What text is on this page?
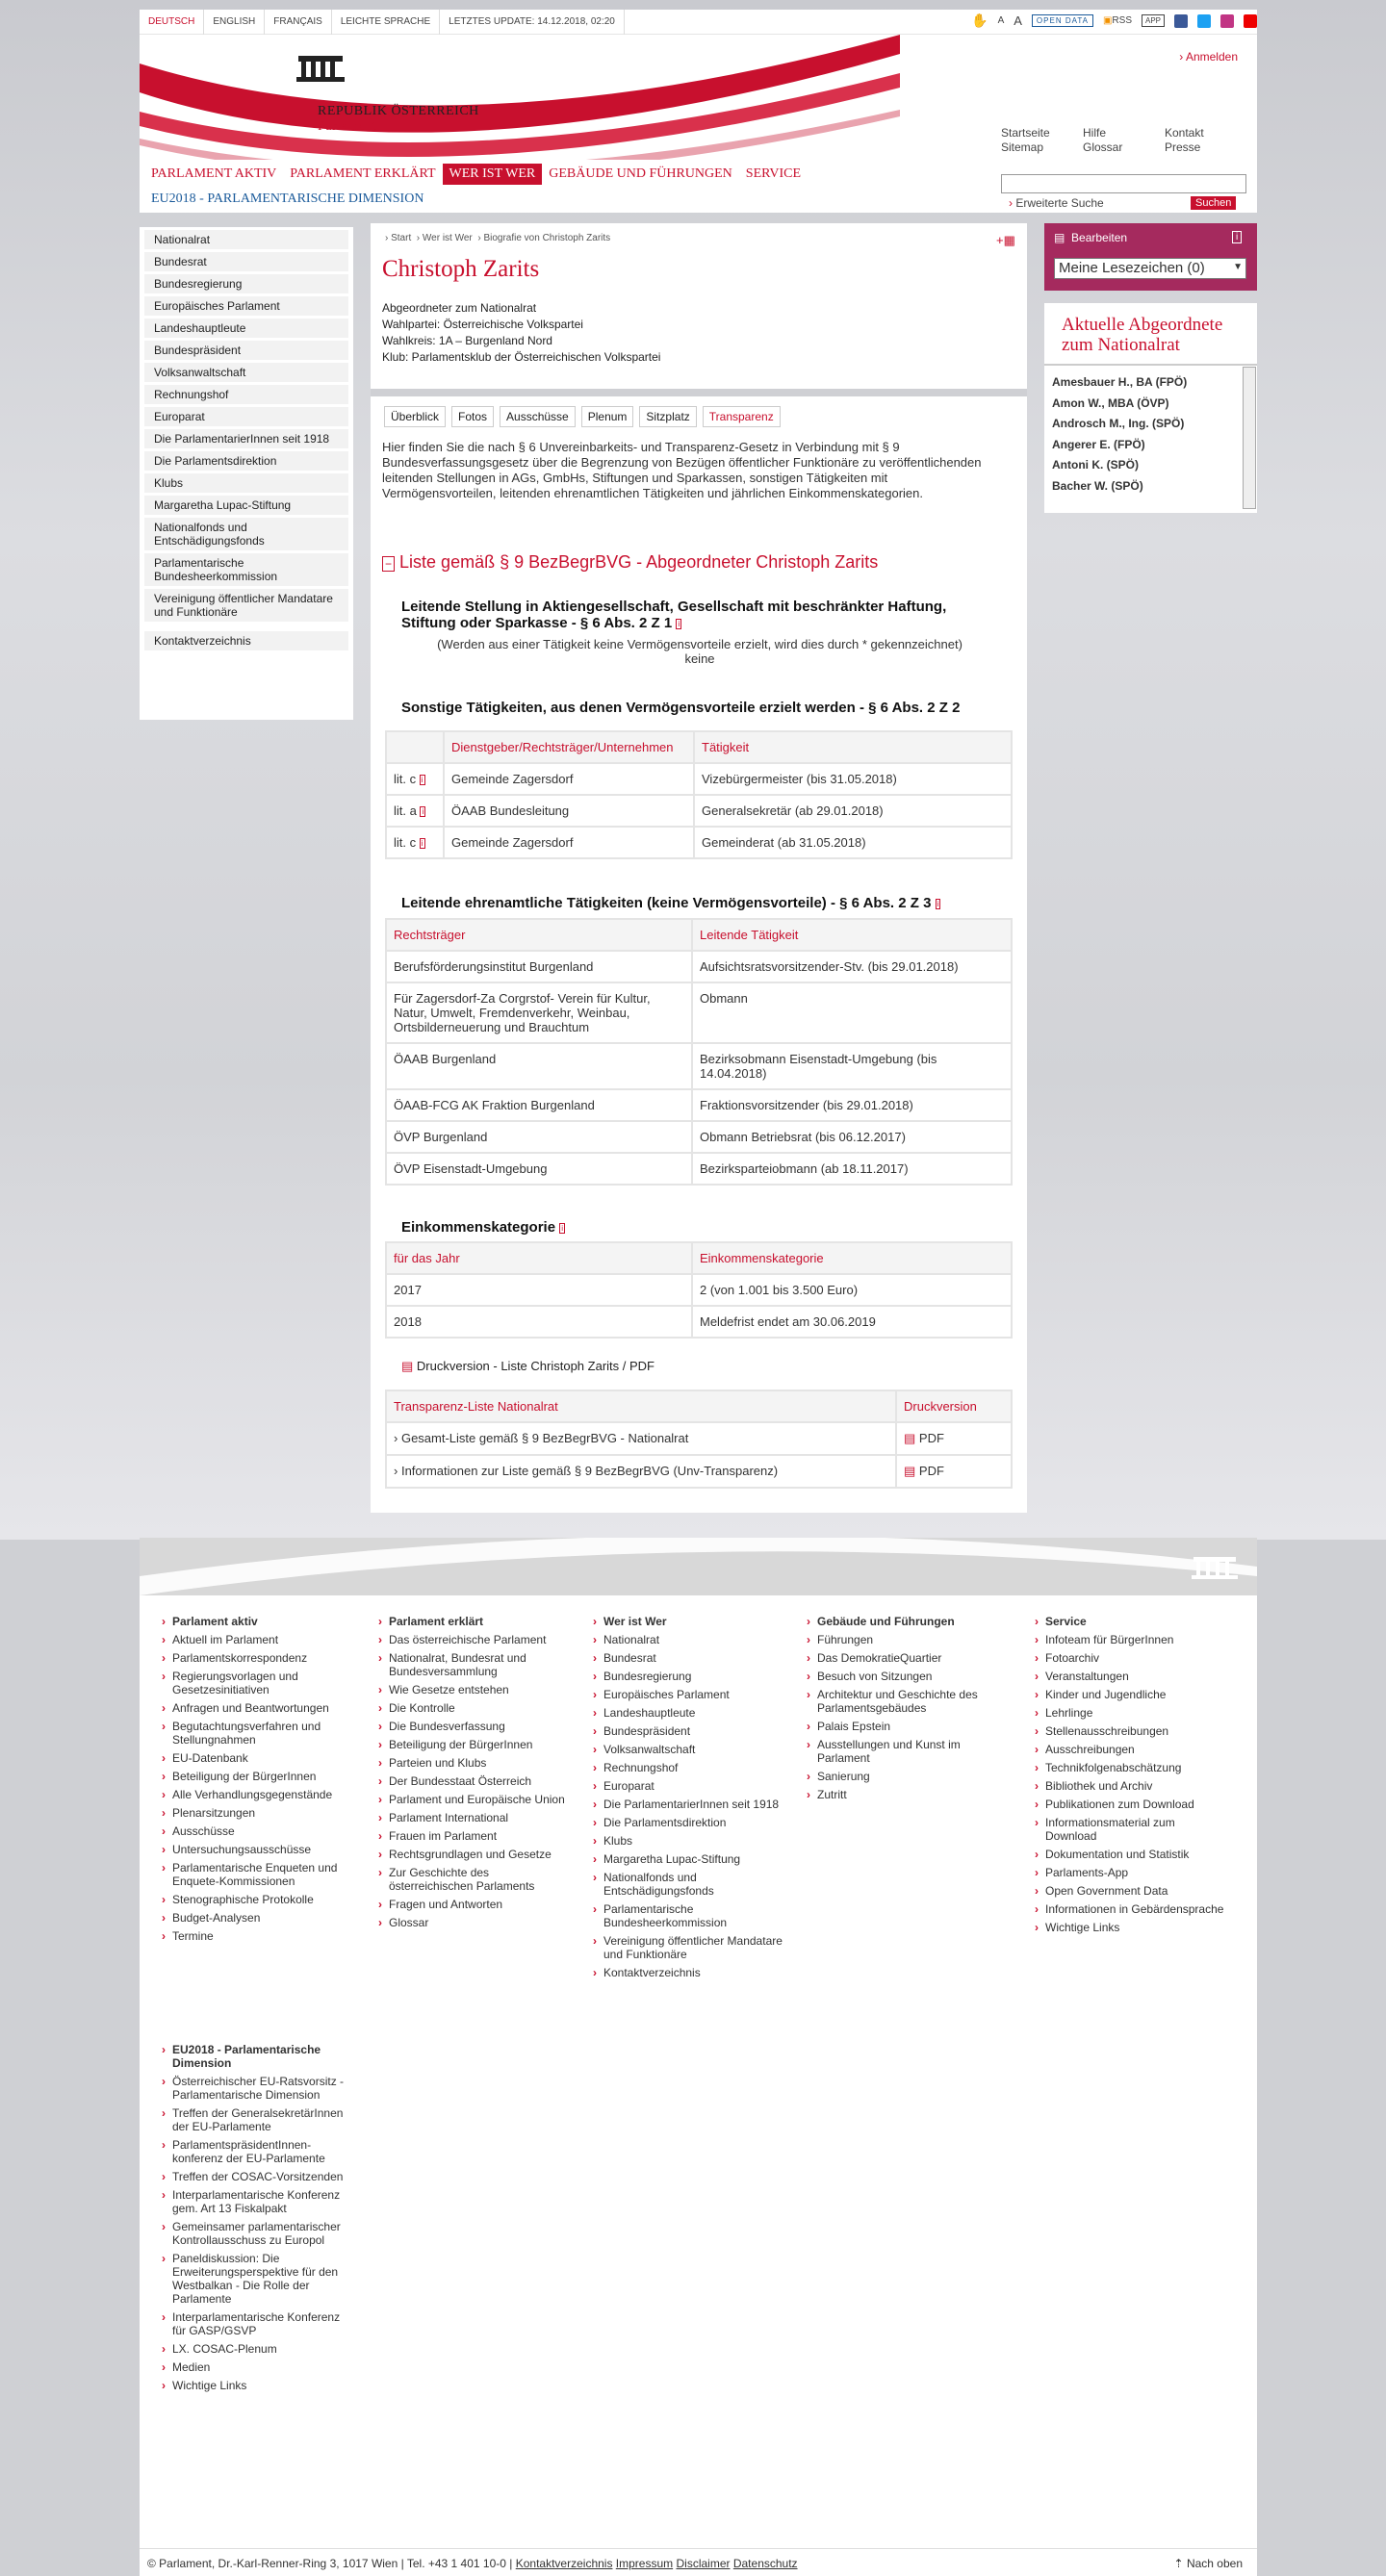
DEUTSCH	ENGLISH	FRANÇAIS	LEICHTE SPRACHE	LETZTES UPDATE: 14.12.2018, 02:20	✋ A A	OPEN DATA	▣RSS	APP
REPUBLIK ÖSTERREICH
Parlament
› Anmelden
Startseite	Hilfe	Kontakt
Sitemap	Glossar	Presse
PARLAMENT AKTIV	PARLAMENT ERKLÄRT	WER IST WER	GEBÄUDE UND FÜHRUNGEN	SERVICE
EU2018 - PARLAMENTARISCHE DIMENSION	› Erweiterte Suche	Suchen
Nationalrat
Bundesrat
Bundesregierung
Europäisches Parlament
Landeshauptleute
Bundespräsident
Volksanwaltschaft
Rechnungshof
Europarat
Die ParlamentarierInnen seit 1918
Die Parlamentsdirektion
Klubs
Margaretha Lupac-Stiftung
Nationalfonds und Entschädigungsfonds
Parlamentarische Bundesheerkommission
Vereinigung öffentlicher Mandatare und Funktionäre
Kontaktverzeichnis
› Start › Wer ist Wer › Biografie von Christoph Zarits	+▦
Christoph Zarits
Abgeordneter zum Nationalrat
Wahlpartei: Österreichische Volkspartei
Wahlkreis: 1A – Burgenland Nord
Klub: Parlamentsklub der Österreichischen Volkspartei
Überblick	Fotos	Ausschüsse	Plenum	Sitzplatz	Transparenz
Hier finden Sie die nach § 6 Unvereinbarkeits- und Transparenz-Gesetz in Verbindung mit § 9 Bundesverfassungsgesetz über die Begrenzung von Bezügen öffentlicher Funktionäre zu veröffentlichenden leitenden Stellungen in AGs, GmbHs, Stiftungen und Sparkassen, sonstigen Tätigkeiten mit Vermögensvorteilen, leitenden ehrenamtlichen Tätigkeiten und jährlichen Einkommenskategorien.
− Liste gemäß § 9 BezBegrBVG - Abgeordneter Christoph Zarits
Leitende Stellung in Aktiengesellschaft, Gesellschaft mit beschränkter Haftung, Stiftung oder Sparkasse - § 6 Abs. 2 Z 1 i
(Werden aus einer Tätigkeit keine Vermögensvorteile erzielt, wird dies durch * gekennzeichnet)
keine
Sonstige Tätigkeiten, aus denen Vermögensvorteile erzielt werden - § 6 Abs. 2 Z 2
	Dienstgeber/Rechtsträger/Unternehmen	Tätigkeit
lit. c i	Gemeinde Zagersdorf	Vizebürgermeister (bis 31.05.2018)
lit. a i	ÖAAB Bundesleitung	Generalsekretär (ab 29.01.2018)
lit. c i	Gemeinde Zagersdorf	Gemeinderat (ab 31.05.2018)
Leitende ehrenamtliche Tätigkeiten (keine Vermögensvorteile) - § 6 Abs. 2 Z 3 i
Rechtsträger	Leitende Tätigkeit
Berufsförderungsinstitut Burgenland	Aufsichtsratsvorsitzender-Stv. (bis 29.01.2018)
Für Zagersdorf-Za Corgrstof- Verein für Kultur, Natur, Umwelt, Fremdenverkehr, Weinbau, Ortsbilderneuerung und Brauchtum	Obmann
ÖAAB Burgenland	Bezirksobmann Eisenstadt-Umgebung (bis 14.04.2018)
ÖAAB-FCG AK Fraktion Burgenland	Fraktionsvorsitzender (bis 29.01.2018)
ÖVP Burgenland	Obmann Betriebsrat (bis 06.12.2017)
ÖVP Eisenstadt-Umgebung	Bezirksparteiobmann (ab 18.11.2017)
Einkommenskategorie i
für das Jahr	Einkommenskategorie
2017	2 (von 1.001 bis 3.500 Euro)
2018	Meldefrist endet am 30.06.2019
▤ Druckversion - Liste Christoph Zarits / PDF
Transparenz-Liste Nationalrat	Druckversion
› Gesamt-Liste gemäß § 9 BezBegrBVG - Nationalrat	▤ PDF
› Informationen zur Liste gemäß § 9 BezBegrBVG (Unv-Transparenz)	▤ PDF
▤ Bearbeiten	i
Meine Lesezeichen (0)	▼
Aktuelle Abgeordnete zum Nationalrat
Amesbauer H., BA (FPÖ)
Amon W., MBA (ÖVP)
Androsch M., Ing. (SPÖ)
Angerer E. (FPÖ)
Antoni K. (SPÖ)
Bacher W. (SPÖ)
› Parlament aktiv
› Aktuell im Parlament
› Parlamentskorrespondenz
› Regierungsvorlagen und Gesetzesinitiativen
› Anfragen und Beantwortungen
› Begutachtungsverfahren und Stellungnahmen
› EU-Datenbank
› Beteiligung der BürgerInnen
› Alle Verhandlungsgegenstände
› Plenarsitzungen
› Ausschüsse
› Untersuchungsausschüsse
› Parlamentarische Enqueten und Enquete-Kommissionen
› Stenographische Protokolle
› Budget-Analysen
› Termine
› Parlament erklärt
› Das österreichische Parlament
› Nationalrat, Bundesrat und Bundesversammlung
› Wie Gesetze entstehen
› Die Kontrolle
› Die Bundesverfassung
› Beteiligung der BürgerInnen
› Parteien und Klubs
› Der Bundesstaat Österreich
› Parlament und Europäische Union
› Parlament International
› Frauen im Parlament
› Rechtsgrundlagen und Gesetze
› Zur Geschichte des österreichischen Parlaments
› Fragen und Antworten
› Glossar
› Wer ist Wer
› Nationalrat
› Bundesrat
› Bundesregierung
› Europäisches Parlament
› Landeshauptleute
› Bundespräsident
› Volksanwaltschaft
› Rechnungshof
› Europarat
› Die ParlamentarierInnen seit 1918
› Die Parlamentsdirektion
› Klubs
› Margaretha Lupac-Stiftung
› Nationalfonds und Entschädigungsfonds
› Parlamentarische Bundesheerkommission
› Vereinigung öffentlicher Mandatare und Funktionäre
› Kontaktverzeichnis
› Gebäude und Führungen
› Führungen
› Das DemokratieQuartier
› Besuch von Sitzungen
› Architektur und Geschichte des Parlamentsgebäudes
› Palais Epstein
› Ausstellungen und Kunst im Parlament
› Sanierung
› Zutritt
› Service
› Infoteam für BürgerInnen
› Fotoarchiv
› Veranstaltungen
› Kinder und Jugendliche
› Lehrlinge
› Stellenausschreibungen
› Ausschreibungen
› Technikfolgenabschätzung
› Bibliothek und Archiv
› Publikationen zum Download
› Informationsmaterial zum Download
› Dokumentation und Statistik
› Parlaments-App
› Open Government Data
› Informationen in Gebärdensprache
› Wichtige Links
› EU2018 - Parlamentarische Dimension
› Österreichischer EU-Ratsvorsitz - Parlamentarische Dimension
› Treffen der GeneralsekretärInnen der EU-Parlamente
› ParlamentspräsidentInnen-konferenz der EU-Parlamente
› Treffen der COSAC-Vorsitzenden
› Interparlamentarische Konferenz gem. Art 13 Fiskalpakt
› Gemeinsamer parlamentarischer Kontrollausschuss zu Europol
› Paneldiskussion: Die Erweiterungsperspektive für den Westbalkan - Die Rolle der Parlamente
› Interparlamentarische Konferenz für GASP/GSVP
› LX. COSAC-Plenum
› Medien
› Wichtige Links
© Parlament, Dr.-Karl-Renner-Ring 3, 1017 Wien | Tel. +43 1 401 10-0 | Kontaktverzeichnis Impressum Disclaimer Datenschutz	⇡ Nach oben
